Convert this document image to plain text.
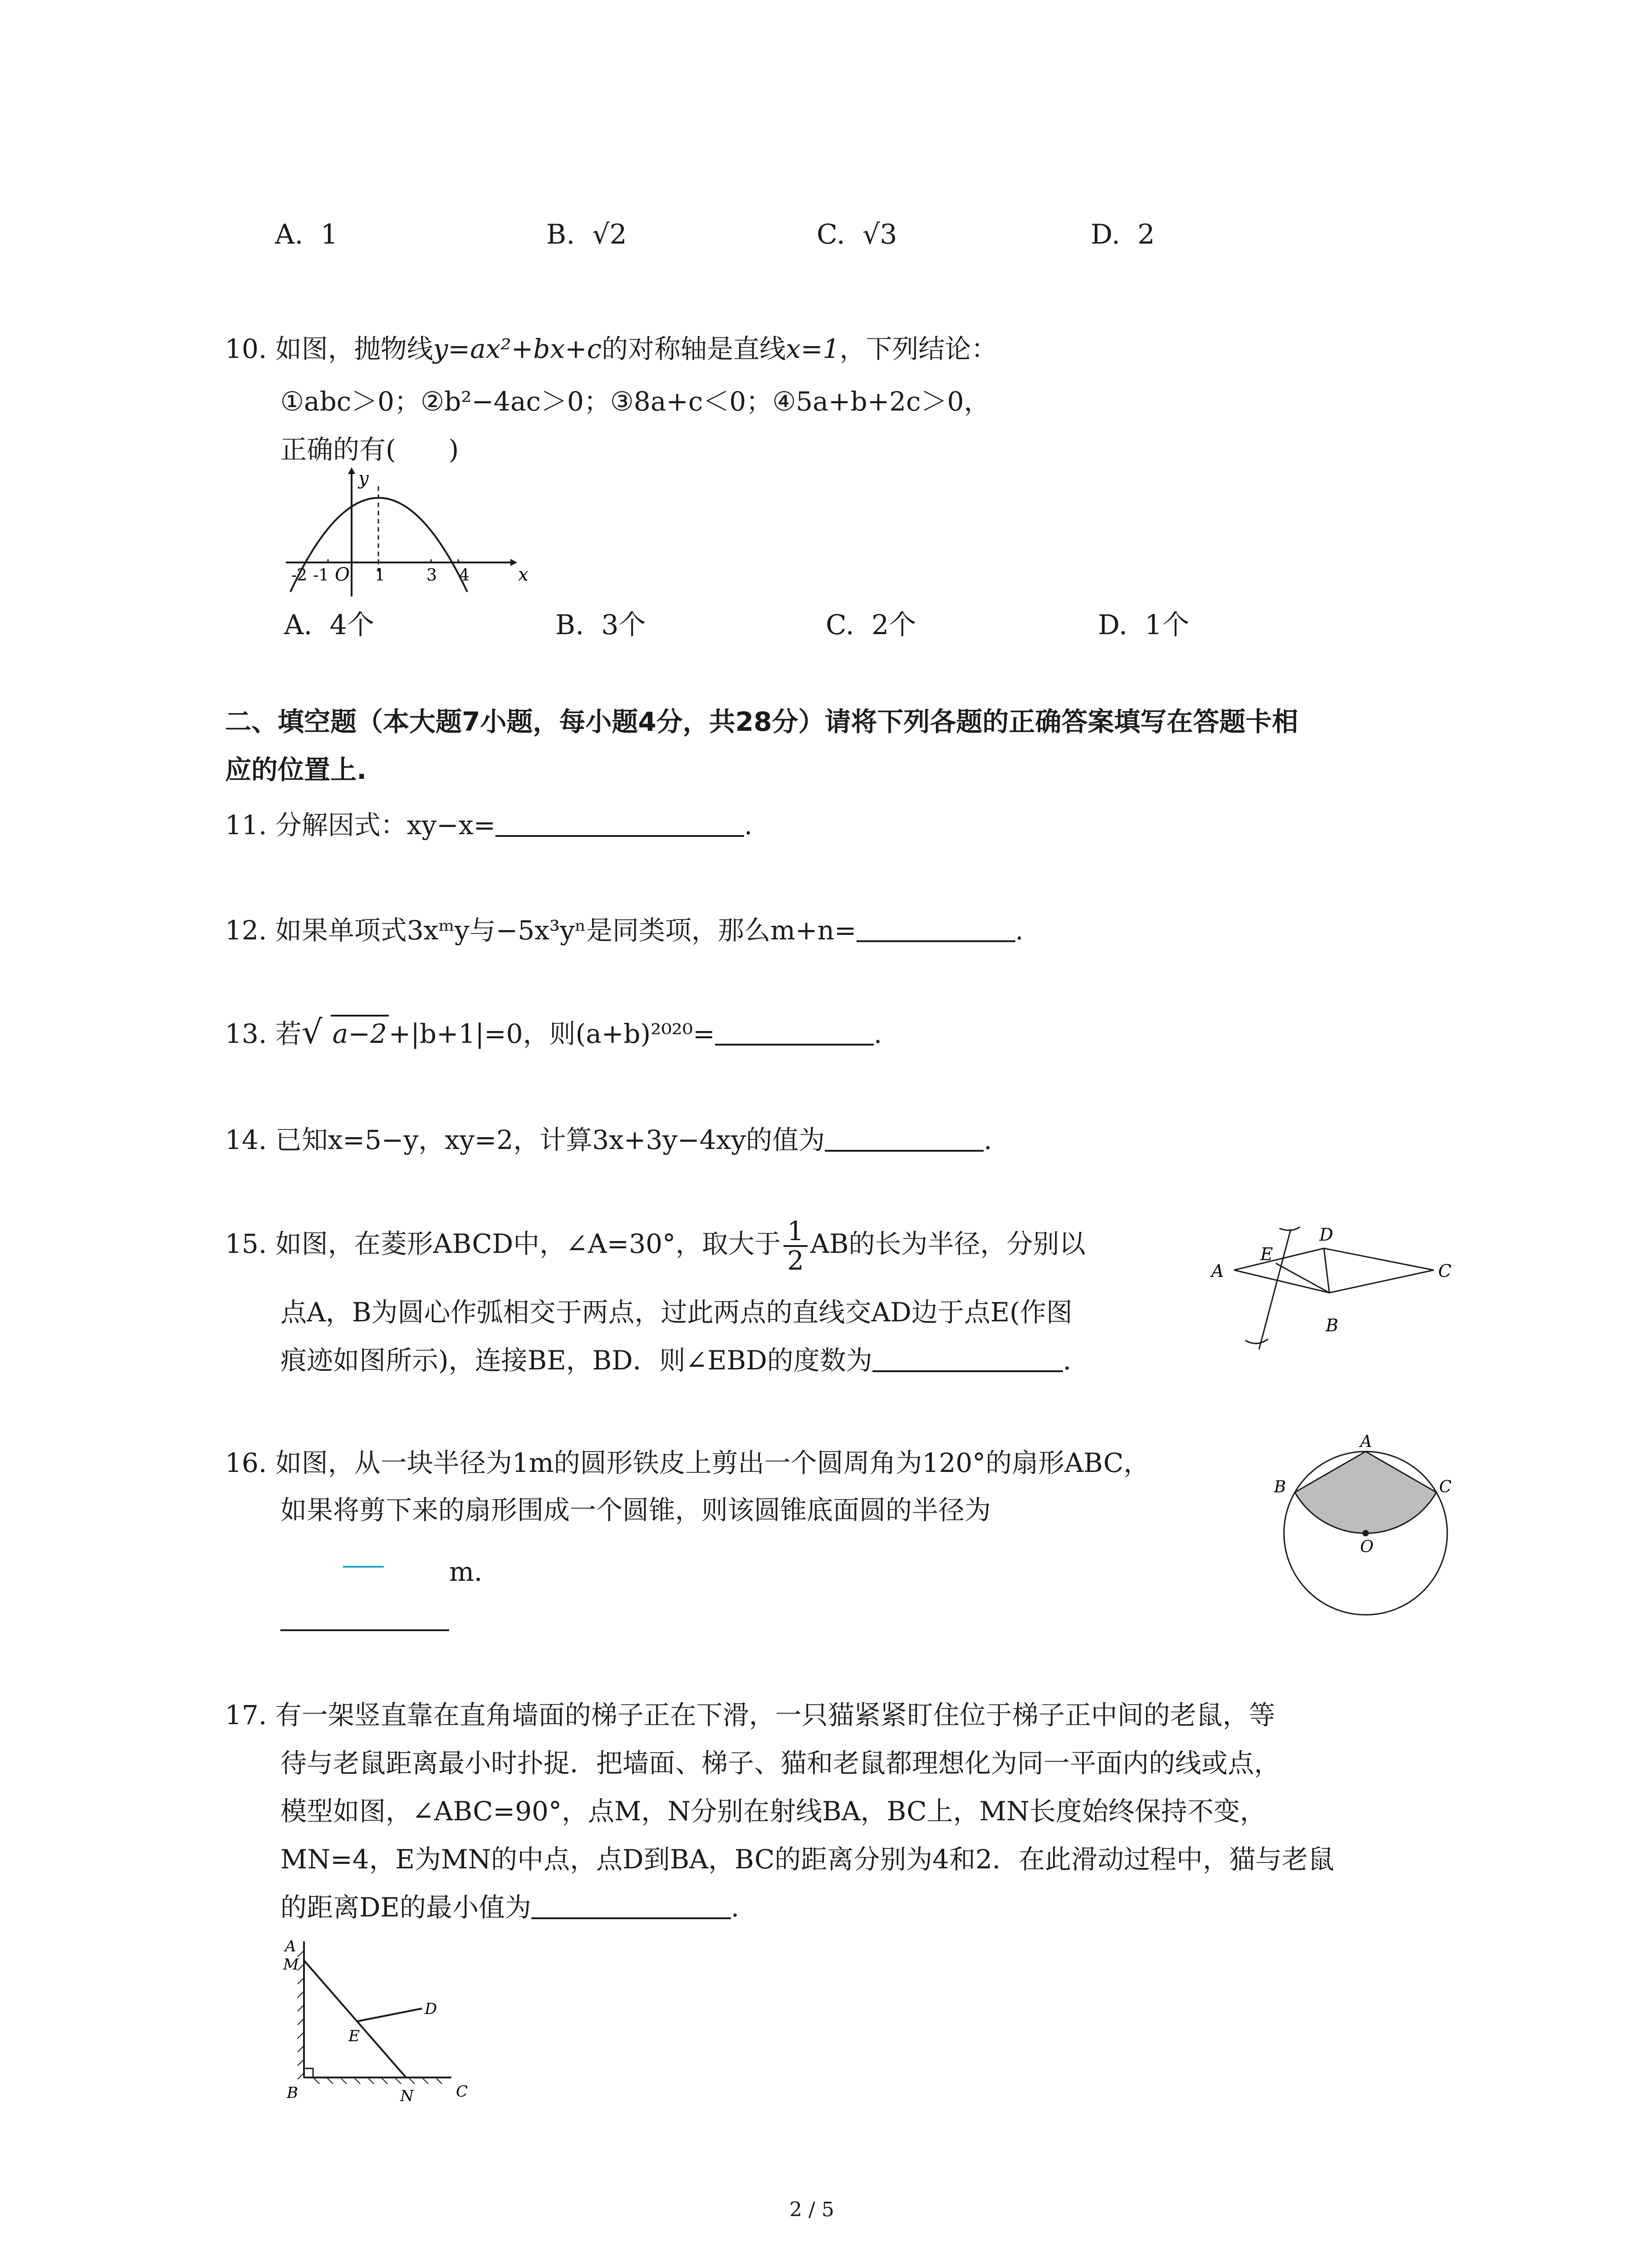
A. 1	B. √2	C. √3	D. 2
10. 如图，抛物线y=ax²+bx+c的对称轴是直线x=1，下列结论：
①abc＞0；②b²−4ac＞0；③8a+c＜0；④5a+b+2c＞0，
正确的有(　　)
y
x
O
-2 -1	1	3 4
A. 4个	B. 3个	C. 2个	D. 1个
二、填空题（本大题7小题，每小题4分，共28分）请将下列各题的正确答案填写在答题卡相
应的位置上.
11. 分解因式：xy−x=	.
12. 如果单项式3xᵐy与−5x³yⁿ是同类项，那么m+n=	.
13. 若 √ a−2+|b+1|=0，则(a+b)²⁰²⁰=	.
14. 已知x=5−y，xy=2，计算3x+3y−4xy的值为	.
15. 如图，在菱形ABCD中，∠A=30°，取大于 $\frac{1}{2}$ AB的长为半径，分别以
点A，B为圆心作弧相交于两点，过此两点的直线交AD边于点E(作图
痕迹如图所示)，连接BE，BD．则∠EBD的度数为	.
A
B
C
D
E
16. 如图，从一块半径为1m的圆形铁皮上剪出一个圆周角为120°的扇形ABC，
如果将剪下来的扇形围成一个圆锥，则该圆锥底面圆的半径为
m．
A
B	C
O
17. 有一架竖直靠在直角墙面的梯子正在下滑，一只猫紧紧盯住位于梯子正中间的老鼠，等
待与老鼠距离最小时扑捉．把墙面、梯子、猫和老鼠都理想化为同一平面内的线或点，
模型如图，∠ABC=90°，点M，N分别在射线BA，BC上，MN长度始终保持不变，
MN=4，E为MN的中点，点D到BA，BC的距离分别为4和2．在此滑动过程中，猫与老鼠
的距离DE的最小值为	.
A
M
B	N	C
D
E
2 / 5
